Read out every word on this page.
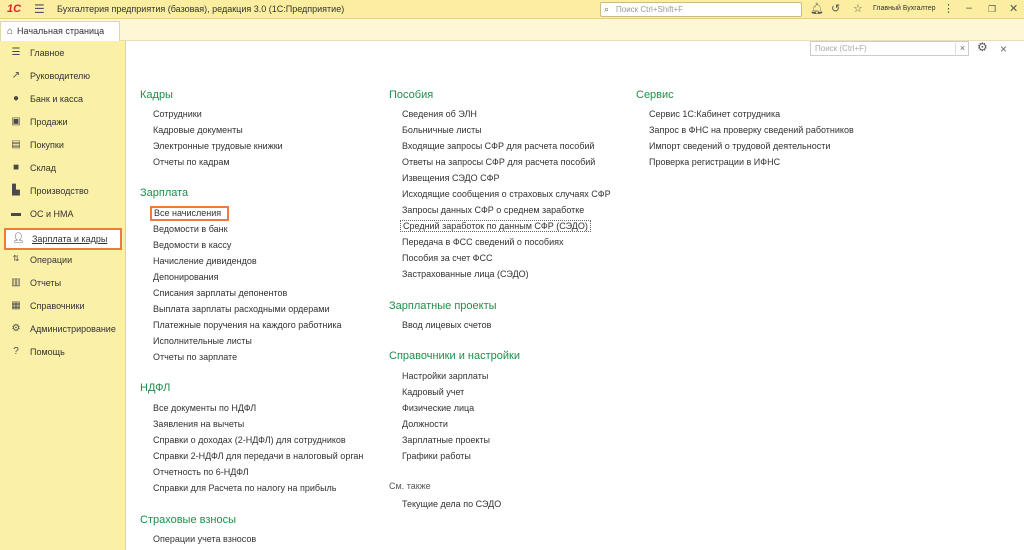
1С ☰ Бухгалтерия предприятия (базовая), редакция 3.0 (1С:Предприятие)	⌕ Поиск Ctrl+Shift+F	🔔︎ ↺ ☆ Главный Бухгалтер ⋮ – ❐ ✕
⌂ Начальная страница
☰ Главное
↗ Руководителю
●	Банк и касса
▣ Продажи
▤ Покупки
■	Склад
▙ Производство
▬ ОС и НМА
👤︎ Зарплата и кадры
⇅ Операции
▥ Отчеты
▦ Справочники
⚙ Администрирование
?	Помощь
×
Поиск (Ctrl+F)	× ⚙
Кадры
Сотрудники
Кадровые документы
Электронные трудовые книжки
Отчеты по кадрам
Зарплата
Все начисления
Ведомости в банк
Ведомости в кассу
Начисление дивидендов
Депонирования
Списания зарплаты депонентов
Выплата зарплаты расходными ордерами
Платежные поручения на каждого работника
Исполнительные листы
Отчеты по зарплате
НДФЛ
Все документы по НДФЛ
Заявления на вычеты
Справки о доходах (2-НДФЛ) для сотрудников
Справки 2-НДФЛ для передачи в налоговый орган
Отчетность по 6-НДФЛ
Справки для Расчета по налогу на прибыль
Страховые взносы
Операции учета взносов
Пособия
Сведения об ЭЛН
Больничные листы
Входящие запросы СФР для расчета пособий
Ответы на запросы СФР для расчета пособий
Извещения СЭДО СФР
Исходящие сообщения о страховых случаях СФР
Запросы данных СФР о среднем заработке
Средний заработок по данным СФР (СЭДО)
Передача в ФСС сведений о пособиях
Пособия за счет ФСС
Застрахованные лица (СЭДО)
Зарплатные проекты
Ввод лицевых счетов
Справочники и настройки
Настройки зарплаты
Кадровый учет
Физические лица
Должности
Зарплатные проекты
Графики работы
См. также
Текущие дела по СЭДО
Сервис
Сервис 1С:Кабинет сотрудника
Запрос в ФНС на проверку сведений работников
Импорт сведений о трудовой деятельности
Проверка регистрации в ИФНС
